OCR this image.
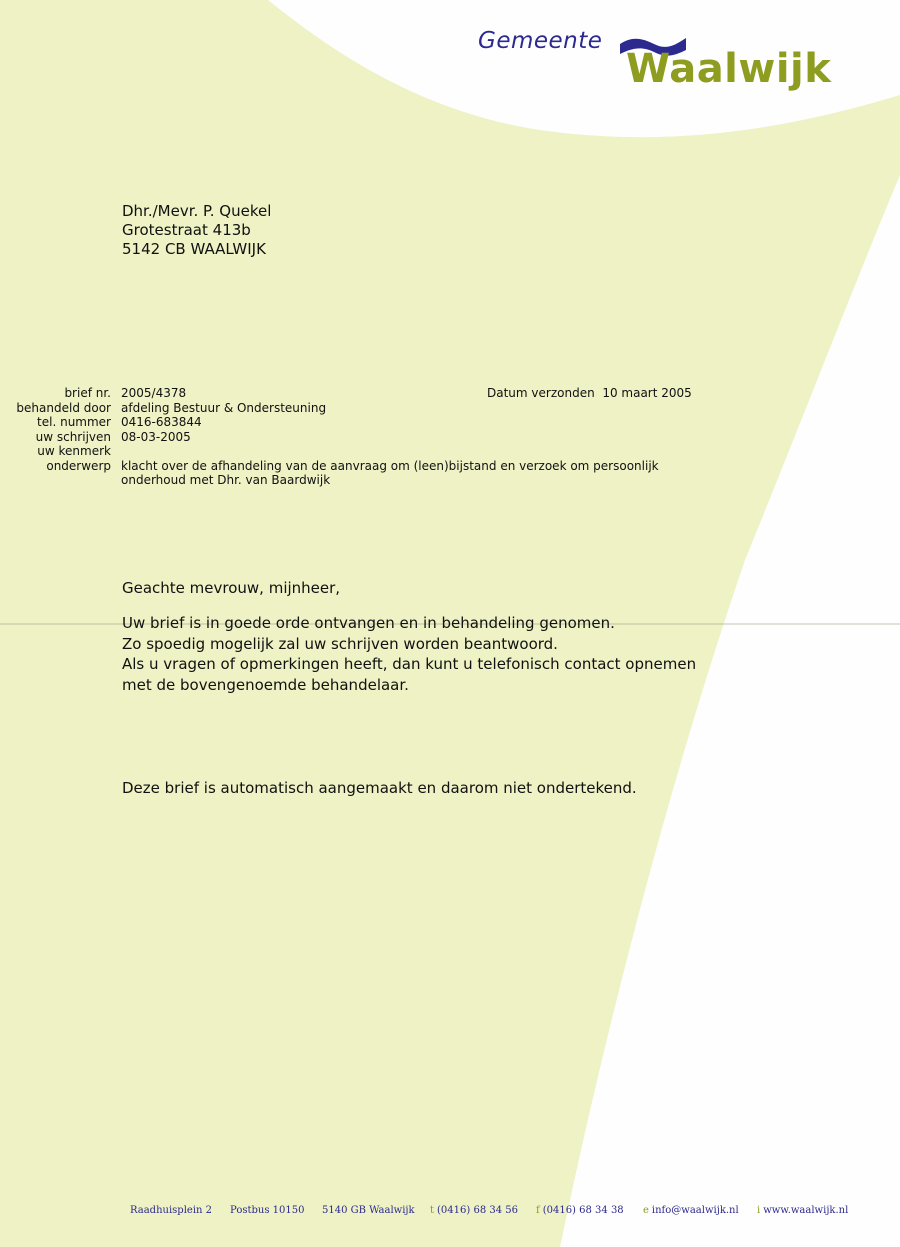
Gemeente
Waalwijk
Dhr./Mevr. P. Quekel
Grotestraat 413b
5142 CB WAALWIJK
brief nr.
behandeld door
tel. nummer
uw schrijven
uw kenmerk
onderwerp
2005/4378
afdeling Bestuur & Ondersteuning
0416-683844
08-03-2005
klacht over de afhandeling van de aanvraag om (leen)bijstand en verzoek om persoonlijk onderhoud met Dhr. van Baardwijk
Datum verzonden 10 maart 2005
Geachte mevrouw, mijnheer,
Uw brief is in goede orde ontvangen en in behandeling genomen.
Zo spoedig mogelijk zal uw schrijven worden beantwoord.
Als u vragen of opmerkingen heeft, dan kunt u telefonisch contact opnemen
met de bovengenoemde behandelaar.
Deze brief is automatisch aangemaakt en daarom niet ondertekend.
Raadhuisplein 2 Postbus 10150 5140 GB Waalwijk t (0416) 68 34 56 f (0416) 68 34 38 e info@waalwijk.nl i www.waalwijk.nl
